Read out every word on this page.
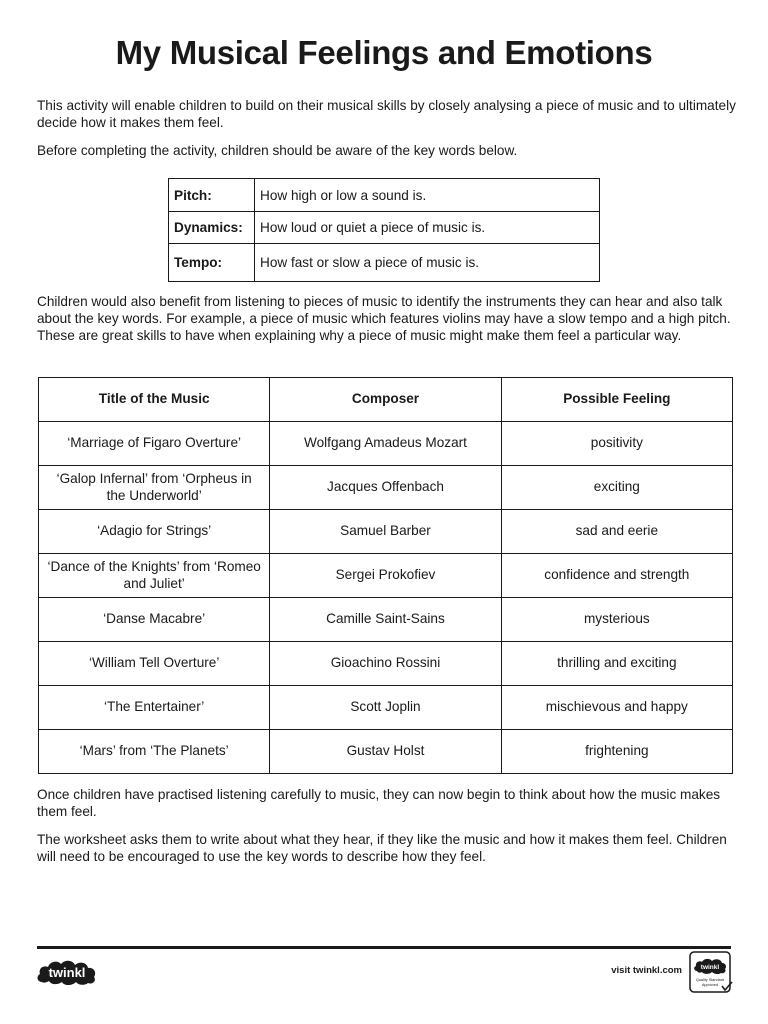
My Musical Feelings and Emotions

This activity will enable children to build on their musical skills by closely analysing a piece of music and to ultimately decide how it makes them feel.

Before completing the activity, children should be aware of the key words below.

Pitch:	How high or low a sound is.
Dynamics:	How loud or quiet a piece of music is.
Tempo:	How fast or slow a piece of music is.

Children would also benefit from listening to pieces of music to identify the instruments they can hear and also talk about the key words. For example, a piece of music which features violins may have a slow tempo and a high pitch. These are great skills to have when explaining why a piece of music might make them feel a particular way.

Title of the Music	Composer	Possible Feeling
‘Marriage of Figaro Overture’	Wolfgang Amadeus Mozart	positivity
‘Galop Infernal’ from ‘Orpheus in the Underworld’	Jacques Offenbach	exciting
‘Adagio for Strings’	Samuel Barber	sad and eerie
‘Dance of the Knights’ from ‘Romeo and Juliet’	Sergei Prokofiev	confidence and strength
‘Danse Macabre’	Camille Saint-Sains	mysterious
‘William Tell Overture’	Gioachino Rossini	thrilling and exciting
‘The Entertainer’	Scott Joplin	mischievous and happy
‘Mars’ from ‘The Planets’	Gustav Holst	frightening

Once children have practised listening carefully to music, they can now begin to think about how the music makes them feel.

The worksheet asks them to write about what they hear, if they like the music and how it makes them feel. Children will need to be encouraged to use the key words to describe how they feel.

twinkl	visit twinkl.com	twinkl
Quality Standard
Approved
